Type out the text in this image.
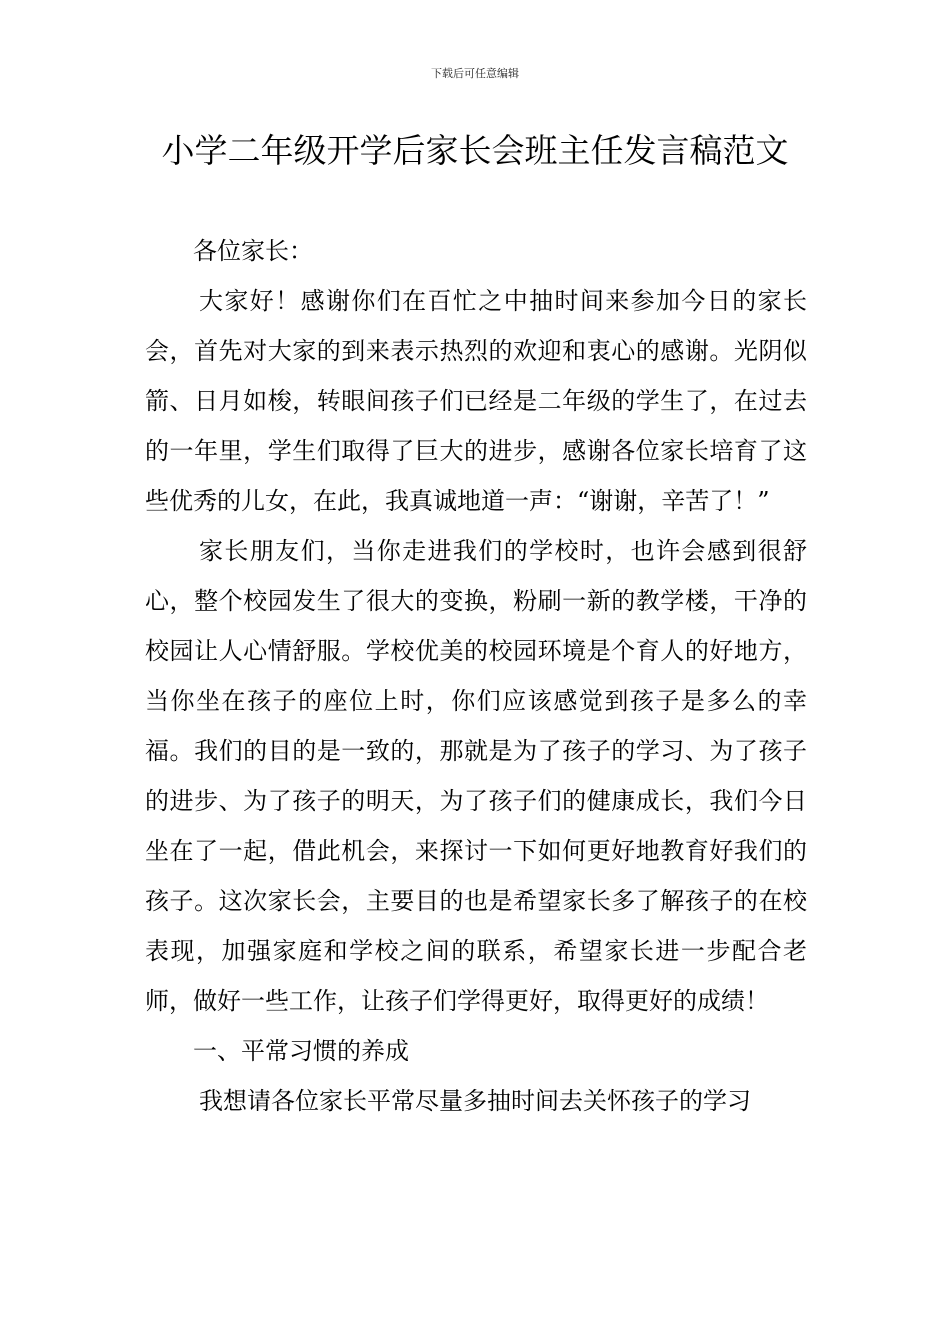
下载后可任意编辑
小学二年级开学后家长会班主任发言稿范文

各位家长：

大家好！感谢你们在百忙之中抽时间来参加今日的家长会，首先对大家的到来表示热烈的欢迎和衷心的感谢。光阴似箭、日月如梭，转眼间孩子们已经是二年级的学生了，在过去的一年里，学生们取得了巨大的进步，感谢各位家长培育了这些优秀的儿女，在此，我真诚地道一声：“谢谢，辛苦了！”

家长朋友们，当你走进我们的学校时，也许会感到很舒心，整个校园发生了很大的变换，粉刷一新的教学楼，干净的校园让人心情舒服。学校优美的校园环境是个育人的好地方，当你坐在孩子的座位上时，你们应该感觉到孩子是多么的幸福。我们的目的是一致的，那就是为了孩子的学习、为了孩子的进步、为了孩子的明天，为了孩子们的健康成长，我们今日坐在了一起，借此机会，来探讨一下如何更好地教育好我们的孩子。这次家长会，主要目的也是希望家长多了解孩子的在校表现，加强家庭和学校之间的联系，希望家长进一步配合老师，做好一些工作，让孩子们学得更好，取得更好的成绩！

一、平常习惯的养成

我想请各位家长平常尽量多抽时间去关怀孩子的学习
